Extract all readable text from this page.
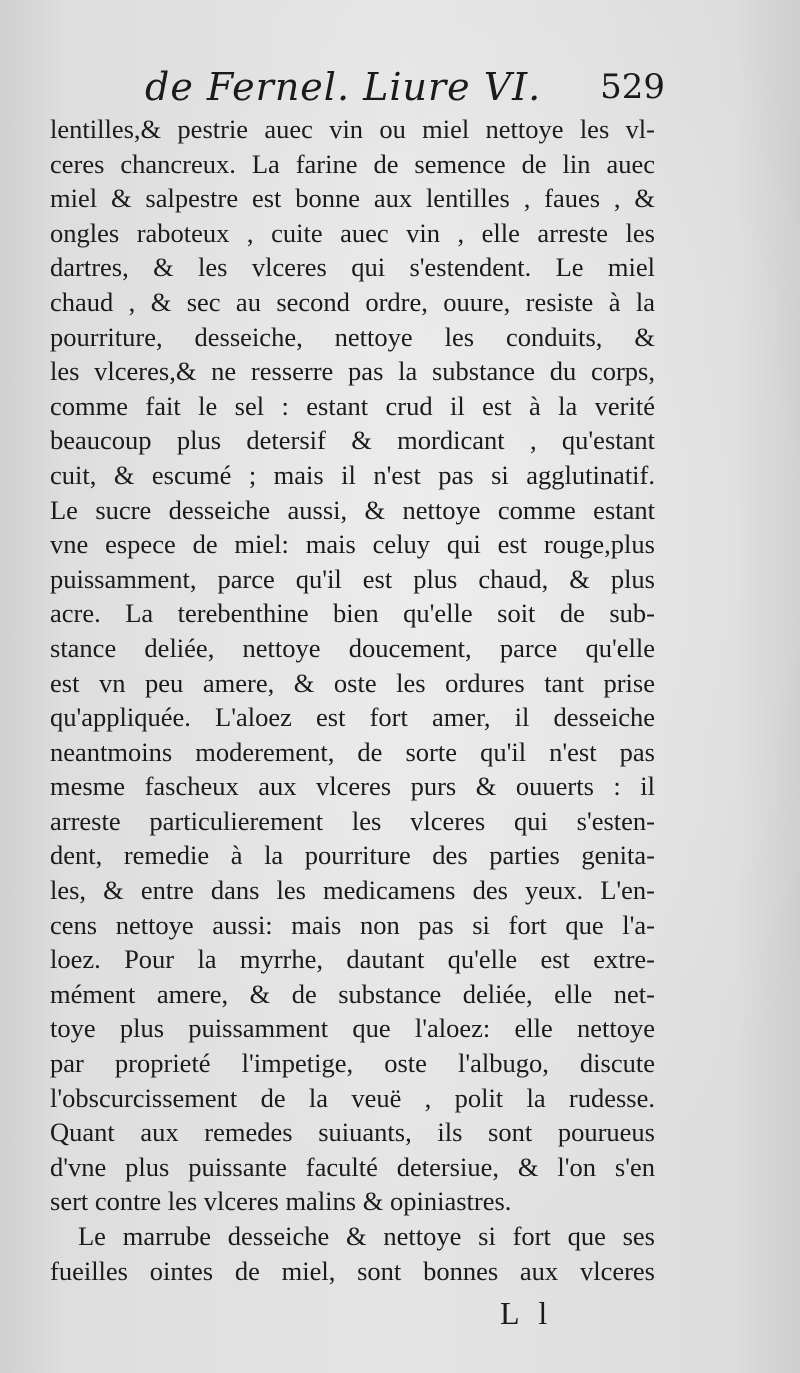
de Fernel. Liure VI. 529
lentilles,& pestrie auec vin ou miel nettoye les vl-
ceres chancreux. La farine de semence de lin auec
miel & salpestre est bonne aux lentilles , faues , &
ongles raboteux , cuite auec vin , elle arreste les
dartres, & les vlceres qui s'estendent. Le miel
chaud , & sec au second ordre, ouure, resiste à la
pourriture, desseiche, nettoye les conduits, &
les vlceres,& ne resserre pas la substance du corps,
comme fait le sel : estant crud il est à la verité
beaucoup plus detersif & mordicant , qu'estant
cuit, & escumé ; mais il n'est pas si agglutinatif.
Le sucre desseiche aussi, & nettoye comme estant
vne espece de miel: mais celuy qui est rouge,plus
puissamment, parce qu'il est plus chaud, & plus
acre. La terebenthine bien qu'elle soit de sub-
stance deliée, nettoye doucement, parce qu'elle
est vn peu amere, & oste les ordures tant prise
qu'appliquée. L'aloez est fort amer, il desseiche
neantmoins moderement, de sorte qu'il n'est pas
mesme fascheux aux vlceres purs & ouuerts : il
arreste particulierement les vlceres qui s'esten-
dent, remedie à la pourriture des parties genita-
les, & entre dans les medicamens des yeux. L'en-
cens nettoye aussi: mais non pas si fort que l'a-
loez. Pour la myrrhe, dautant qu'elle est extre-
mément amere, & de substance deliée, elle net-
toye plus puissamment que l'aloez: elle nettoye
par proprieté l'impetige, oste l'albugo, discute
l'obscurcissement de la veuë , polit la rudesse.
Quant aux remedes suiuants, ils sont pourueus
d'vne plus puissante faculté detersiue, & l'on s'en
sert contre les vlceres malins & opiniastres.
Le marrube desseiche & nettoye si fort que ses
fueilles ointes de miel, sont bonnes aux vlceres
L l
